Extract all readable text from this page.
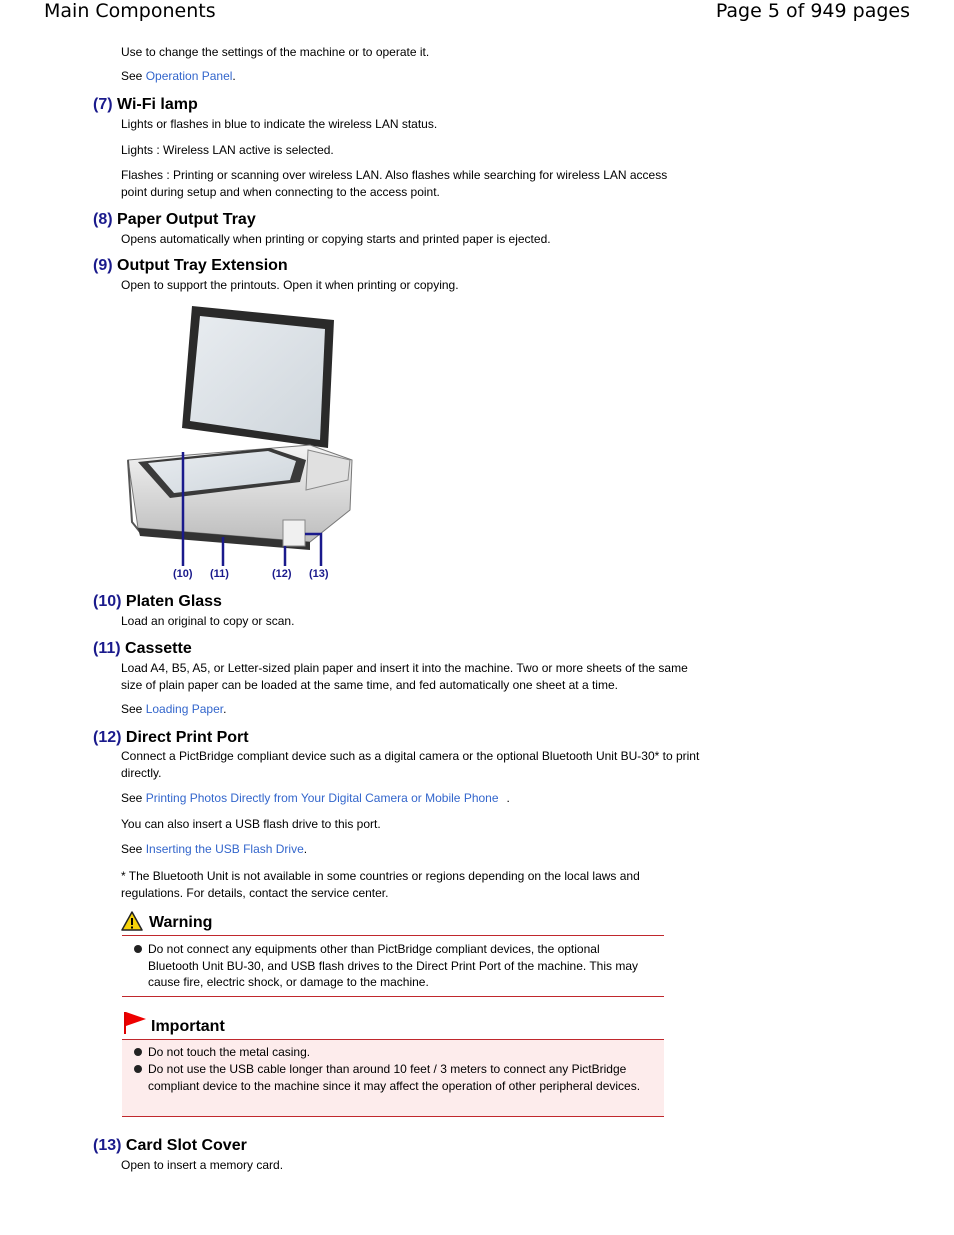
Main Components	Page 5 of 949 pages
Use to change the settings of the machine or to operate it.
See Operation Panel.
(7) Wi-Fi lamp
Lights or flashes in blue to indicate the wireless LAN status.
Lights : Wireless LAN active is selected.
Flashes : Printing or scanning over wireless LAN. Also flashes while searching for wireless LAN access
point during setup and when connecting to the access point.
(8) Paper Output Tray
Opens automatically when printing or copying starts and printed paper is ejected.
(9) Output Tray Extension
Open to support the printouts. Open it when printing or copying.
(10) (11)	(12) (13)
(10) Platen Glass
Load an original to copy or scan.
(11) Cassette
Load A4, B5, A5, or Letter-sized plain paper and insert it into the machine. Two or more sheets of the same
size of plain paper can be loaded at the same time, and fed automatically one sheet at a time.
See Loading Paper.
(12) Direct Print Port
Connect a PictBridge compliant device such as a digital camera or the optional Bluetooth Unit BU-30* to print
directly.
See Printing Photos Directly from Your Digital Camera or Mobile Phone .
You can also insert a USB flash drive to this port.
See Inserting the USB Flash Drive.
* The Bluetooth Unit is not available in some countries or regions depending on the local laws and
regulations. For details, contact the service center.
Warning
Do not connect any equipments other than PictBridge compliant devices, the optional Bluetooth Unit BU-30, and USB flash drives to the Direct Print Port of the machine. This may cause fire, electric shock, or damage to the machine.
Important
Do not touch the metal casing.
Do not use the USB cable longer than around 10 feet / 3 meters to connect any PictBridge compliant device to the machine since it may affect the operation of other peripheral devices.
(13) Card Slot Cover
Open to insert a memory card.
